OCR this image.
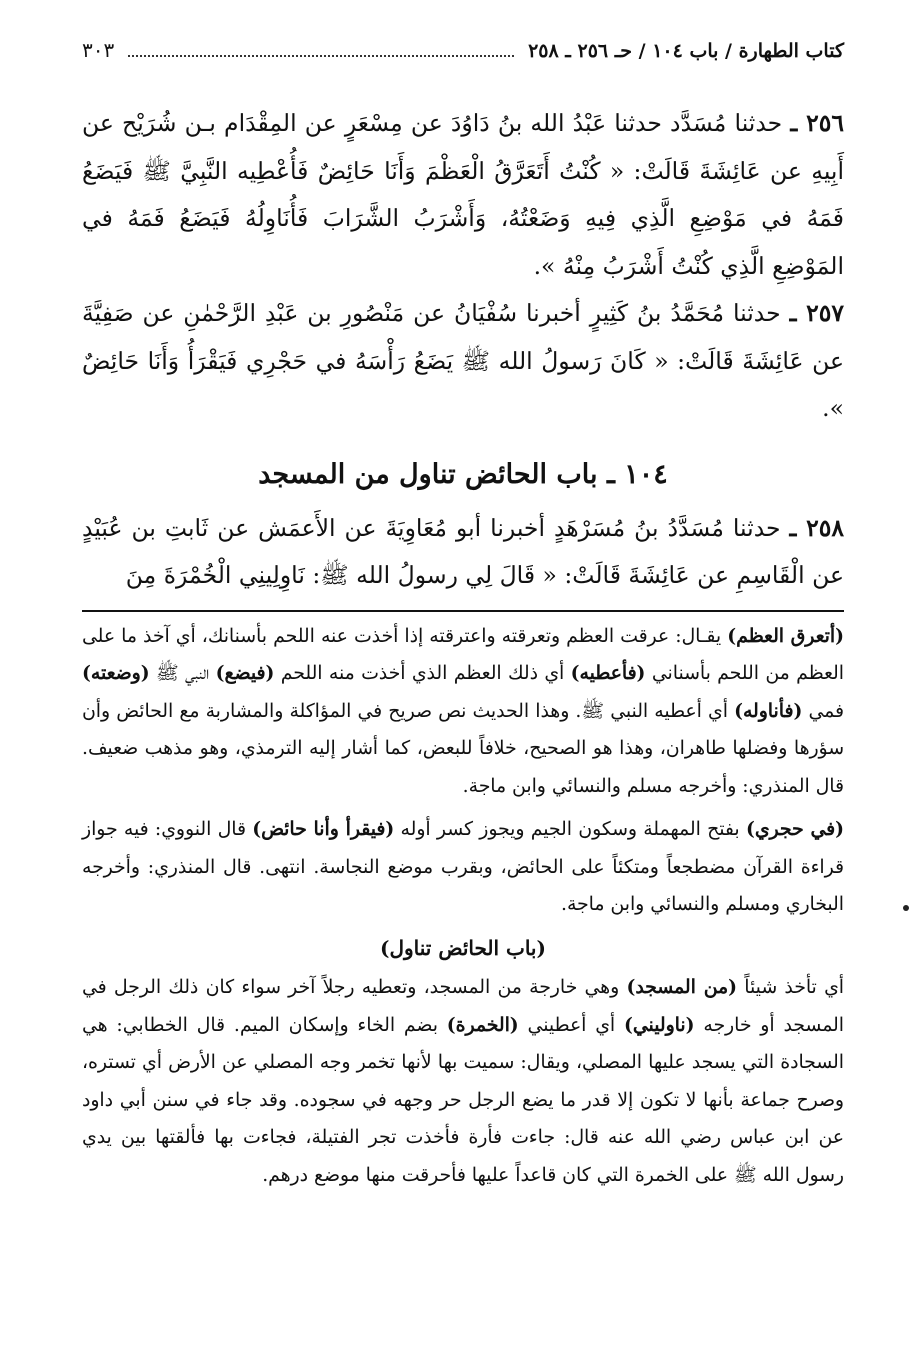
كتاب الطهارة / باب ١٠٤ / حـ ٢٥٦ ـ ٢٥٨
٣٠٣

٢٥٦ ـ حدثنا مُسَدَّد حدثنا عَبْدُ الله بنُ دَاوُدَ عن مِسْعَرٍ عن المِقْدَام بـن شُرَيْح عن أَبِيهِ عن عَائِشَةَ قَالَتْ: « كُنْتُ أَتَعَرَّقُ الْعَظْمَ وَأَنَا حَائِضٌ فَأُعْطِيه النَّبِيَّ ﷺ فَيَضَعُ فَمَهُ في مَوْضِعِ الَّذِي فِيهِ وَضَعْتُهُ، وَأَشْرَبُ الشَّرَابَ فَأُنَاوِلُهُ فَيَضَعُ فَمَهُ في المَوْضِعِ الَّذِي كُنْتُ أَشْرَبُ مِنْهُ ».

٢٥٧ ـ حدثنا مُحَمَّدُ بنُ كَثِيرٍ أخبرنا سُفْيَانُ عن مَنْصُورِ بن عَبْدِ الرَّحْمٰنِ عن صَفِيَّةَ عن عَائِشَةَ قَالَتْ: « كَانَ رَسولُ الله ﷺ يَضَعُ رَأْسَهُ في حَجْرِي فَيَقْرَأُ وَأَنَا حَائِضٌ ».

١٠٤ ـ باب الحائض تناول من المسجد

٢٥٨ ـ حدثنا مُسَدَّدُ بنُ مُسَرْهَدٍ أخبرنا أبو مُعَاوِيَةَ عن الأَعمَش عن ثَابتِ بن عُبَيْدٍ عن الْقَاسِمِ عن عَائِشَةَ قَالَتْ: « قَالَ لِي رسولُ الله ﷺ: نَاوِلِينِي الْخُمْرَةَ مِنَ

(أتعرق العظم) يقـال: عرقت العظم وتعرقته واعترقته إذا أخذت عنه اللحم بأسنانك، أي آخذ ما على العظم من اللحم بأسناني (فأعطيه) أي ذلك العظم الذي أخذت منه اللحم (فيضع) النبي ﷺ (وضعته) فمي (فأناوله) أي أعطيه النبي ﷺ. وهذا الحديث نص صريح في المؤاكلة والمشاربة مع الحائض وأن سؤرها وفضلها طاهران، وهذا هو الصحيح، خلافاً للبعض، كما أشار إليه الترمذي، وهو مذهب ضعيف. قال المنذري: وأخرجه مسلم والنسائي وابن ماجة.

(في حجري) بفتح المهملة وسكون الجيم ويجوز كسر أوله (فيقرأ وأنا حائض) قال النووي: فيه جواز قراءة القرآن مضطجعاً ومتكئاً على الحائض، وبقرب موضع النجاسة. انتهى. قال المنذري: وأخرجه البخاري ومسلم والنسائي وابن ماجة.

(باب الحائض تناول)

أي تأخذ شيئاً (من المسجد) وهي خارجة من المسجد، وتعطيه رجلاً آخر سواء كان ذلك الرجل في المسجد أو خارجه (ناوليني) أي أعطيني (الخمرة) بضم الخاء وإسكان الميم. قال الخطابي: هي السجادة التي يسجد عليها المصلي، ويقال: سميت بها لأنها تخمر وجه المصلي عن الأرض أي تستره، وصرح جماعة بأنها لا تكون إلا قدر ما يضع الرجل حر وجهه في سجوده. وقد جاء في سنن أبي داود عن ابن عباس رضي الله عنه قال: جاءت فأرة فأخذت تجر الفتيلة، فجاءت بها فألقتها بين يدي رسول الله ﷺ على الخمرة التي كان قاعداً عليها فأحرقت منها موضع درهم.
